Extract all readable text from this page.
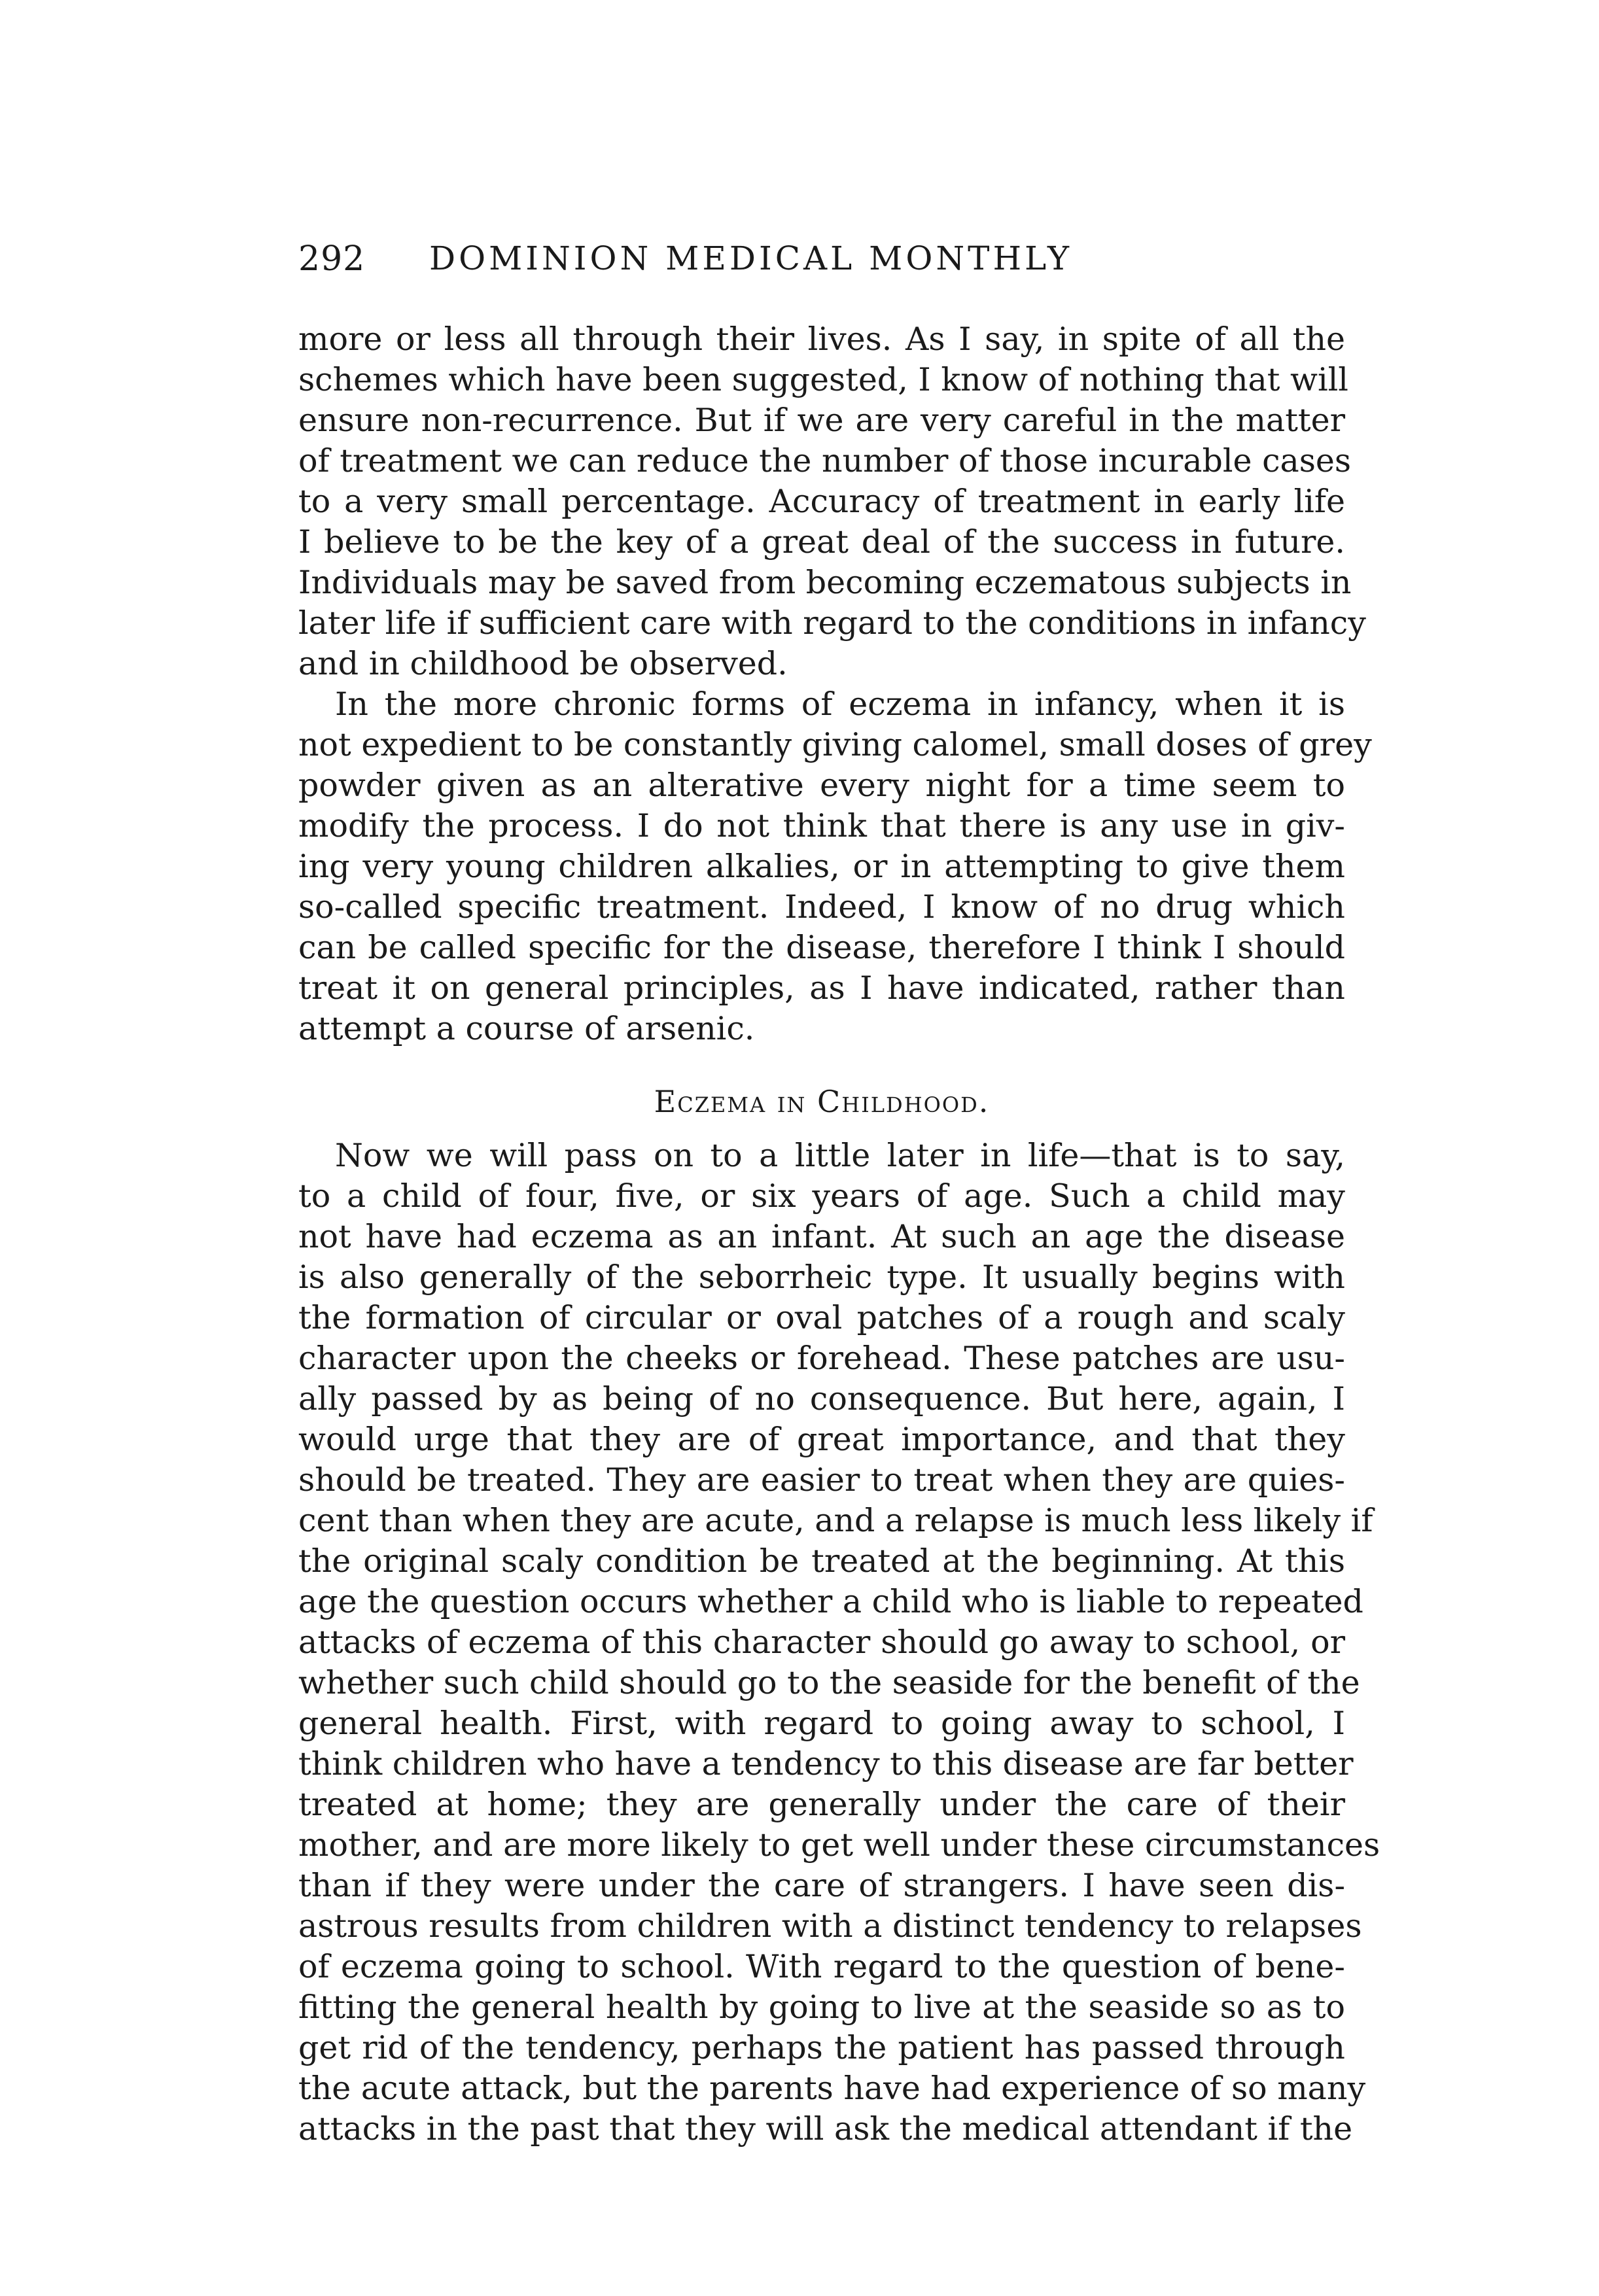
292 DOMINION MEDICAL MONTHLY
more or less all through their lives. As I say, in spite of all the
schemes which have been suggested, I know of nothing that will
ensure non-recurrence. But if we are very careful in the matter
of treatment we can reduce the number of those incurable cases
to a very small percentage. Accuracy of treatment in early life
I believe to be the key of a great deal of the success in future.
Individuals may be saved from becoming eczematous subjects in
later life if sufficient care with regard to the conditions in infancy
and in childhood be observed.
In the more chronic forms of eczema in infancy, when it is
not expedient to be constantly giving calomel, small doses of grey
powder given as an alterative every night for a time seem to
modify the process. I do not think that there is any use in giv-
ing very young children alkalies, or in attempting to give them
so-called specific treatment. Indeed, I know of no drug which
can be called specific for the disease, therefore I think I should
treat it on general principles, as I have indicated, rather than
attempt a course of arsenic.
Eczema in Childhood.
Now we will pass on to a little later in life—that is to say,
to a child of four, five, or six years of age. Such a child may
not have had eczema as an infant. At such an age the disease
is also generally of the seborrheic type. It usually begins with
the formation of circular or oval patches of a rough and scaly
character upon the cheeks or forehead. These patches are usu-
ally passed by as being of no consequence. But here, again, I
would urge that they are of great importance, and that they
should be treated. They are easier to treat when they are quies-
cent than when they are acute, and a relapse is much less likely if
the original scaly condition be treated at the beginning. At this
age the question occurs whether a child who is liable to repeated
attacks of eczema of this character should go away to school, or
whether such child should go to the seaside for the benefit of the
general health. First, with regard to going away to school, I
think children who have a tendency to this disease are far better
treated at home; they are generally under the care of their
mother, and are more likely to get well under these circumstances
than if they were under the care of strangers. I have seen dis-
astrous results from children with a distinct tendency to relapses
of eczema going to school. With regard to the question of bene-
fitting the general health by going to live at the seaside so as to
get rid of the tendency, perhaps the patient has passed through
the acute attack, but the parents have had experience of so many
attacks in the past that they will ask the medical attendant if the
